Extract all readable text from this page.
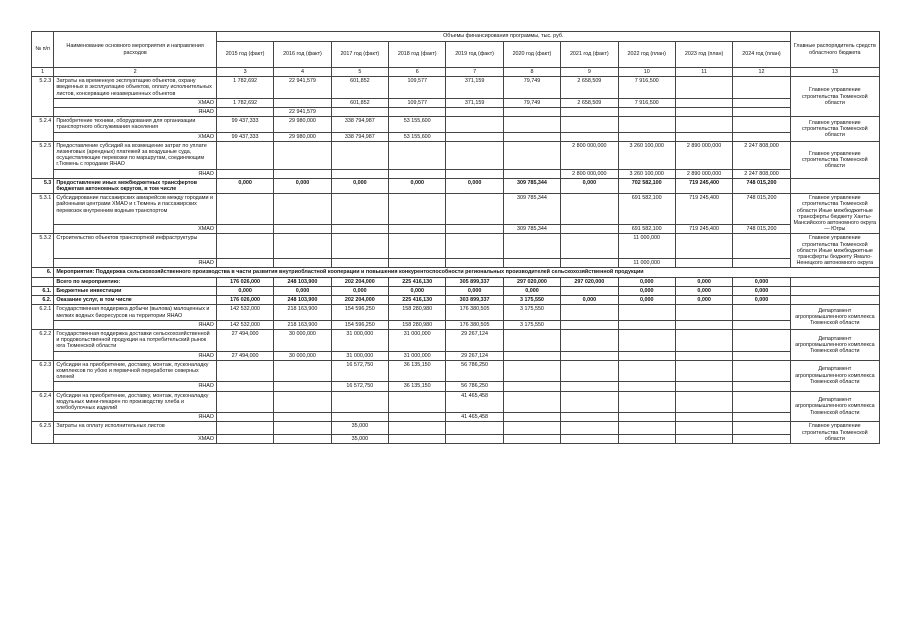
№ п/п	Наименование основного мероприятия и направления расходов	Объемы финансирования программы, тыс. руб.										Главные распорядитель средств областного бюджета
		2015 год (факт)	2016 год (факт)	2017 год (факт)	2018 год (факт)	2019 год (факт)	2020 год (факт)	2021 год (факт)	2022 год (план)	2023 год (план)	2024 год (план)	
1	2	3	4	5	6	7	8	9	10	11	12	13
5.2.3	Затраты на временную эксплуатацию объектов, охрану введенных в эксплуатацию объектов, оплату исполнительных листов, консервацию незавершенных объектов	1 782,692	22 941,579	601,852	109,577	371,159	79,749	2 658,509	7 916,500			Главное управление строительства Тюменской области
	ХМАО	1 782,692		601,852	109,577	371,159	79,749	2 658,509	7 916,500			
	ЯНАО		22 941,579									
5.2.4	Приобретение техники, оборудования для организации транспортного обслуживания населения	99 437,333	29 980,000	338 794,987	53 155,600							Главное управление строительства Тюменской области
	ХМАО	99 437,333	29 980,000	338 794,987	53 155,600							
5.2.5	Предоставление субсидий на возмещение затрат по уплате лизинговых (арендных) платежей за воздушные суда, осуществляющие перевозки по маршрутам, соединяющим г.Тюмень с городами ЯНАО							2 800 000,000	3 260 100,000	2 890 000,000	2 247 808,000	Главное управление строительства Тюменской области
	ЯНАО							2 800 000,000	3 260 100,000	2 890 000,000	2 247 808,000	
5.3	Предоставление иных межбюджетных трансфертов бюджетам автономных округов, в том числе	0,000	0,000	0,000	0,000	0,000	309 785,344	0,000	702 582,100	719 245,400	748 015,200	
5.3.1	Субсидирование пассажирских авиарейсов между городами и районными центрами ХМАО и г.Тюмень и пассажирских перевозок внутренним водным транспортом						309 785,344		691 582,100	719 245,400	748 015,200	Главное управление строительства Тюменской области Иные межбюджетные трансферты бюджету Ханты-Мансийского автономного округа — Югры
	ХМАО						309 785,344		691 582,100	719 245,400	748 015,200	
5.3.2	Строительство объектов транспортной инфраструктуры								11 000,000			Главное управление строительства Тюменской области Иные межбюджетные трансферты бюджету Ямало-Ненецкого автономного округа
	ЯНАО								11 000,000			
6.	Мероприятия: Поддержка сельскохозяйственного производства в части развития внутриобластной кооперации и повышения конкурентоспособности региональных производителей сельскохозяйственной продукции											
	Всего по мероприятию:	176 026,000	248 103,900	202 204,000	225 416,130	305 899,337	297 020,000	297 020,000	0,000	0,000	0,000	
6.1.	Бюджетные инвестиции	0,000	0,000	0,000	0,000	0,000	0,000		0,000	0,000	0,000	
6.2.	Оказание услуг, в том числе	176 026,000	248 103,900	202 204,000	225 416,130	303 899,337	3 175,550	0,000	0,000	0,000	0,000	
6.2.1	Государственная поддержка добычи (вылова) малоценных и мелких водных биоресурсов на территории ЯНАО	142 532,000	218 163,900	154 596,250	158 280,980	176 380,505	3 175,550					Департамент агропромышленного комплекса Тюменской области
	ЯНАО	142 532,000	218 163,900	154 596,250	158 280,980	176 380,505	3 175,550					
6.2.2	Государственная поддержка доставки сельскохозяйственной и продовольственной продукции на потребительский рынок юга Тюменской области	27 494,000	30 000,000	31 000,000	31 000,000	29 267,124						Департамент агропромышленного комплекса Тюменской области
	ЯНАО	27 494,000	30 000,000	31 000,000	31 000,000	29 267,124						
6.2.3	Субсидии на приобретение, доставку, монтаж, пусконаладку комплексов по убою и первичной переработке северных оленей			16 572,750	36 135,150	56 786,250						Департамент агропромышленного комплекса Тюменской области
	ЯНАО			16 572,750	36 135,150	56 786,250						
6.2.4	Субсидии на приобретение, доставку, монтаж, пусконаладку модульных мини-пекарен по производству хлеба и хлебобулочных изделий					41 465,458						Департамент агропромышленного комплекса Тюменской области
	ЯНАО					41 465,458						
6.2.5	Затраты на оплату исполнительных листов			35,000								Главное управление строительства Тюменской области
	ХМАО			35,000								
